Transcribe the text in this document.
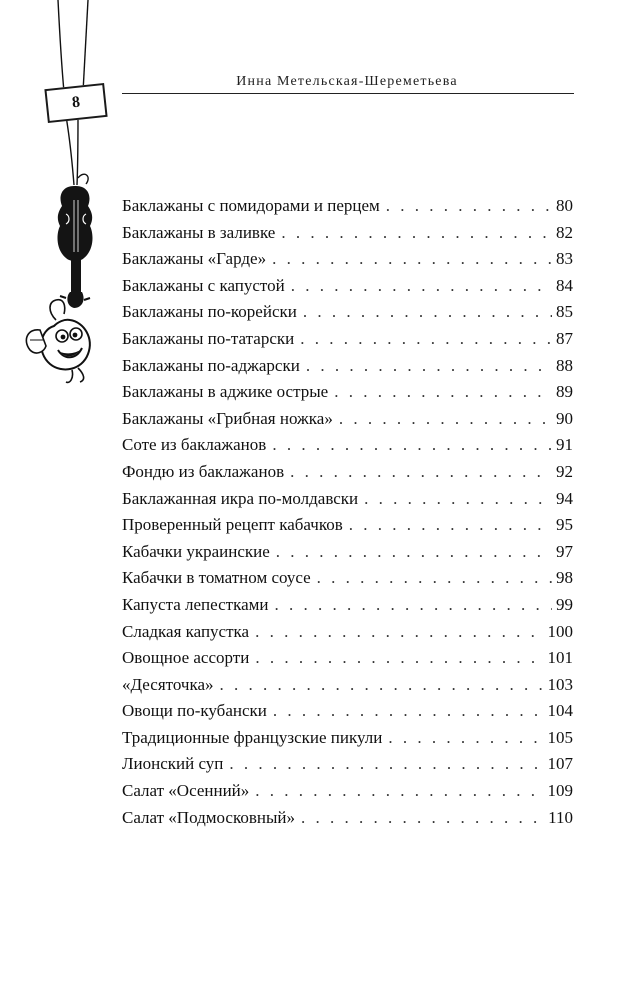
Инна Метельская-Шереметьева
8
Баклажаны с помидорами и перцем . . .	80
Баклажаны в заливке . . .	82
Баклажаны «Гарде» . . .	83
Баклажаны с капустой . . .	84
Баклажаны по-корейски . . .	85
Баклажаны по-татарски . . .	87
Баклажаны по-аджарски . . .	88
Баклажаны в аджике острые . . .	89
Баклажаны «Грибная ножка» . . .	90
Соте из баклажанов . . .	91
Фондю из баклажанов . . .	92
Баклажанная икра по-молдавски . . .	94
Проверенный рецепт кабачков . . .	95
Кабачки украинские . . .	97
Кабачки в томатном соусе . . .	98
Капуста лепестками . . .	99
Сладкая капустка . . .	100
Овощное ассорти . . .	101
«Десяточка» . . .	103
Овощи по-кубански . . .	104
Традиционные французские пикули . . .	105
Лионский суп . . .	107
Салат «Осенний» . . .	109
Салат «Подмосковный» . . .	110
